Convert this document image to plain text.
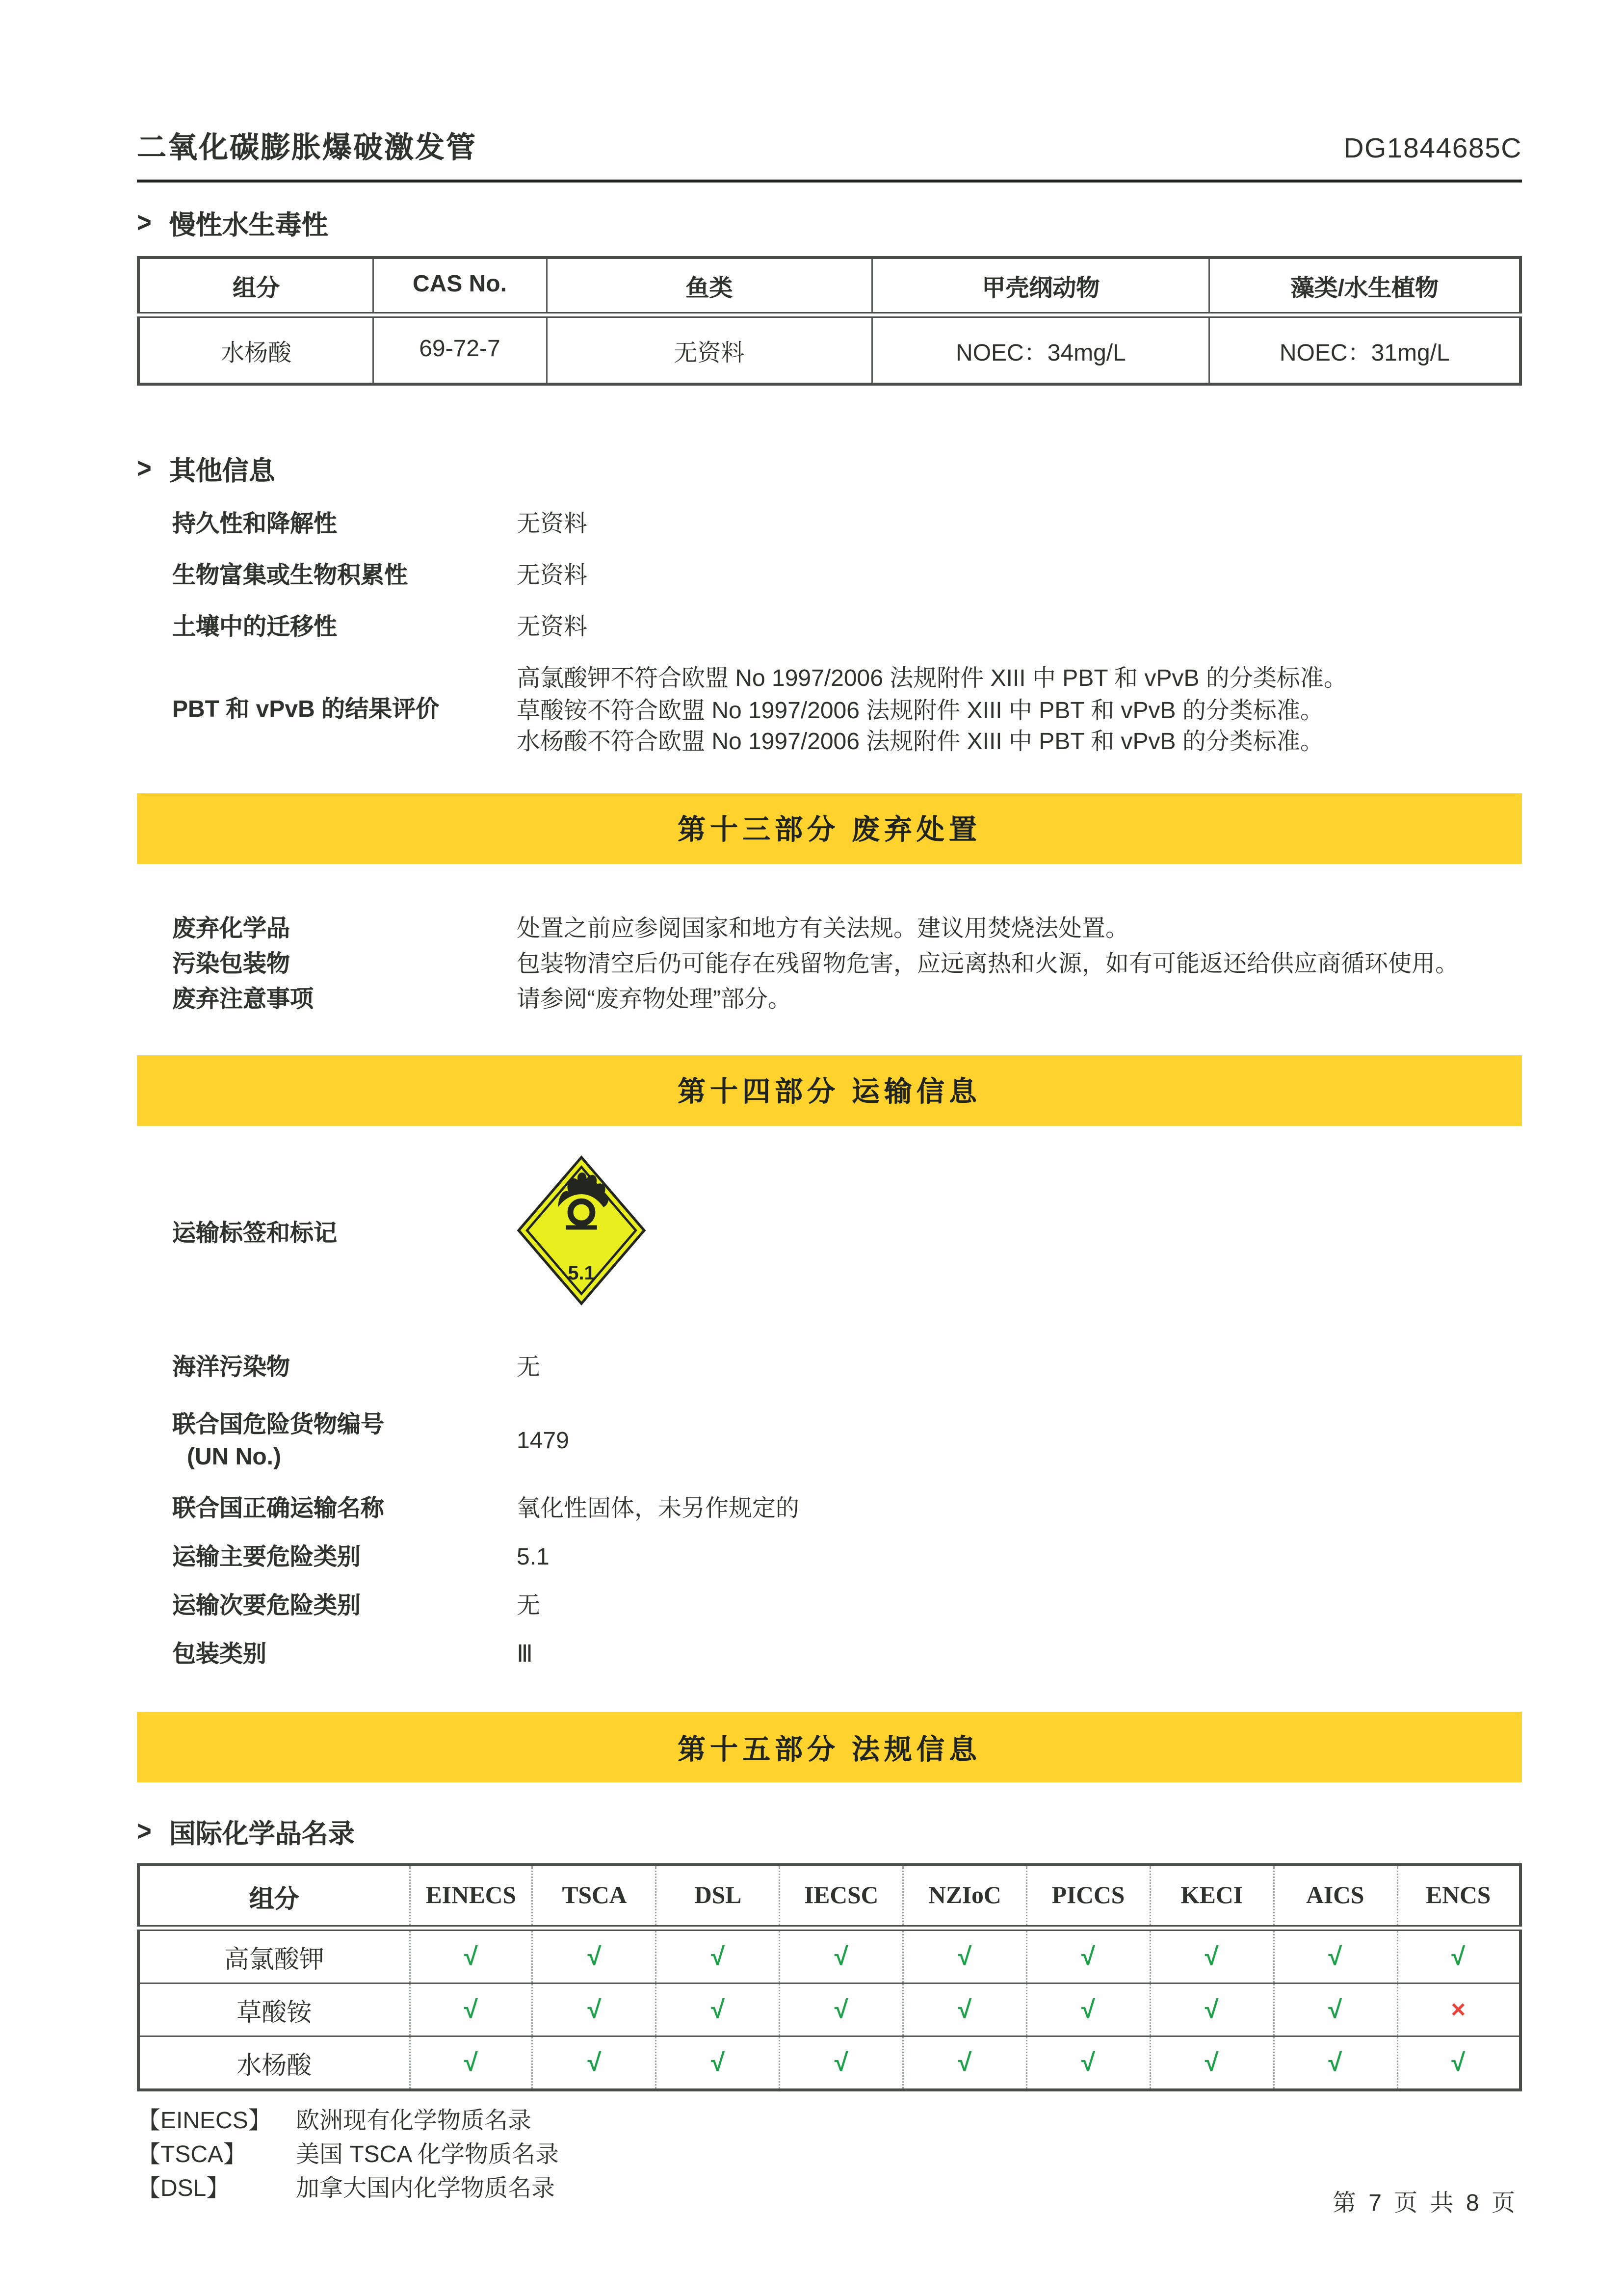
二氧化碳膨胀爆破激发管	DG1844685C
> 慢性水生毒性
组分	CAS No.	鱼类	甲壳纲动物	藻类/水生植物
水杨酸	69-72-7	无资料	NOEC：34mg/L	NOEC：31mg/L
> 其他信息
持久性和降解性	无资料
生物富集或生物积累性	无资料
土壤中的迁移性	无资料
PBT 和 vPvB 的结果评价
高氯酸钾不符合欧盟 No 1997/2006 法规附件 XIII 中 PBT 和 vPvB 的分类标准。
草酸铵不符合欧盟 No 1997/2006 法规附件 XIII 中 PBT 和 vPvB 的分类标准。
水杨酸不符合欧盟 No 1997/2006 法规附件 XIII 中 PBT 和 vPvB 的分类标准。
第十三部分 废弃处置
废弃化学品	处置之前应参阅国家和地方有关法规。建议用焚烧法处置。
污染包装物	包装物清空后仍可能存在残留物危害，应远离热和火源，如有可能返还给供应商循环使用。
废弃注意事项	请参阅“废弃物处理”部分。
第十四部分 运输信息
运输标签和标记
5.1
海洋污染物	无
联合国危险货物编号
(UN No.)
1479
联合国正确运输名称	氧化性固体，未另作规定的
运输主要危险类别	5.1
运输次要危险类别	无
包装类别	Ⅲ
第十五部分 法规信息
> 国际化学品名录
组分	EINECS	TSCA	DSL	IECSC	NZIoC	PICCS	KECI	AICS	ENCS
高氯酸钾	√	√	√	√	√	√	√	√	√
草酸铵	√	√	√	√	√	√	√	√	×
水杨酸	√	√	√	√	√	√	√	√	√
【EINECS】	欧洲现有化学物质名录
【TSCA】	美国 TSCA 化学物质名录
【DSL】	加拿大国内化学物质名录
第 7 页 共 8 页
